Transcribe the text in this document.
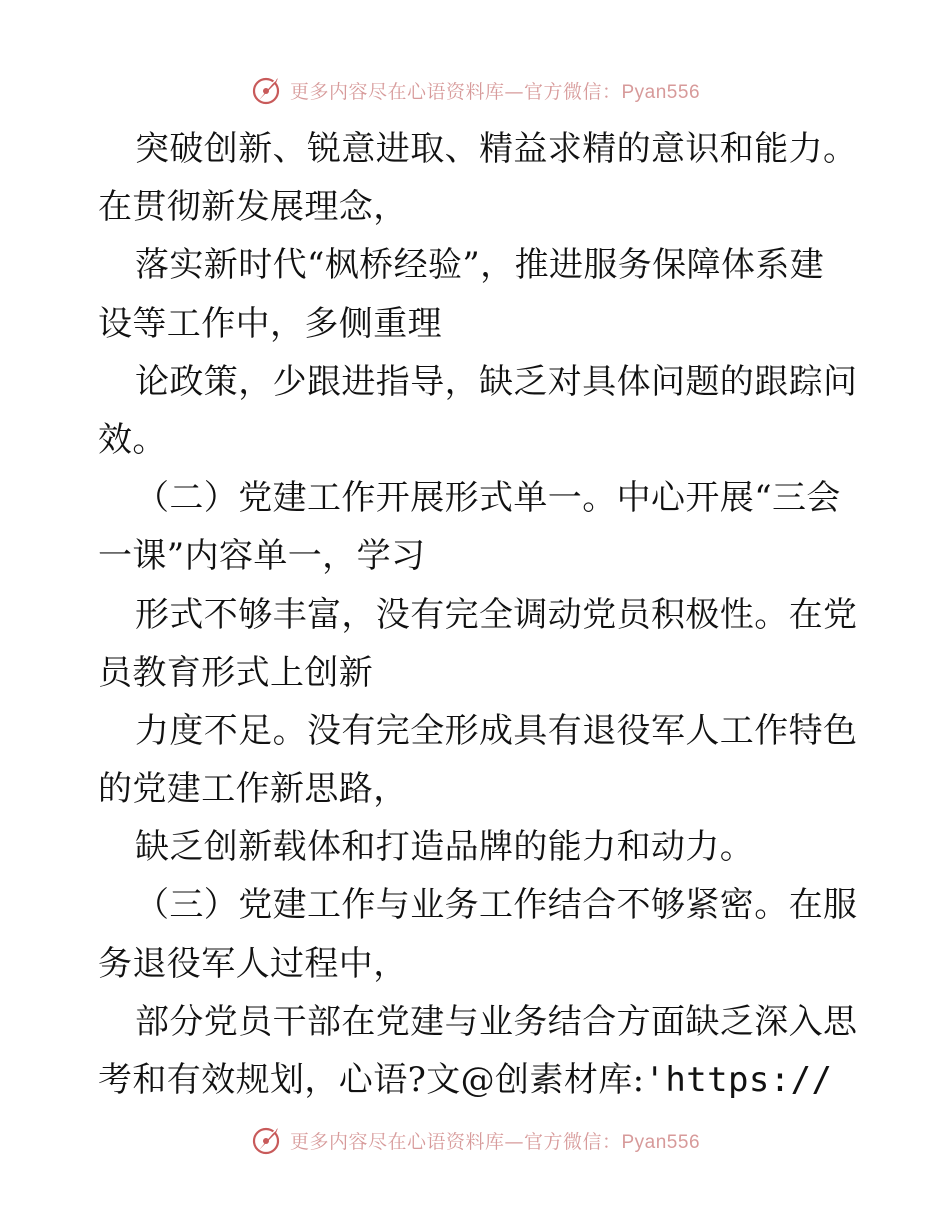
更多内容尽在心语资料库—官方微信：Pyan556
突破创新、锐意进取、精益求精的意识和能力。
在贯彻新发展理念，
落实新时代“枫桥经验”，推进服务保障体系建
设等工作中，多侧重理
论政策，少跟进指导，缺乏对具体问题的跟踪问
效。
（二）党建工作开展形式单一。中心开展“三会
一课”内容单一，学习
形式不够丰富，没有完全调动党员积极性。在党
员教育形式上创新
力度不足。没有完全形成具有退役军人工作特色
的党建工作新思路，
缺乏创新载体和打造品牌的能力和动力。
（三）党建工作与业务工作结合不够紧密。在服
务退役军人过程中，
部分党员干部在党建与业务结合方面缺乏深入思
考和有效规划，心语?文@创素材库:'https://
更多内容尽在心语资料库—官方微信：Pyan556
